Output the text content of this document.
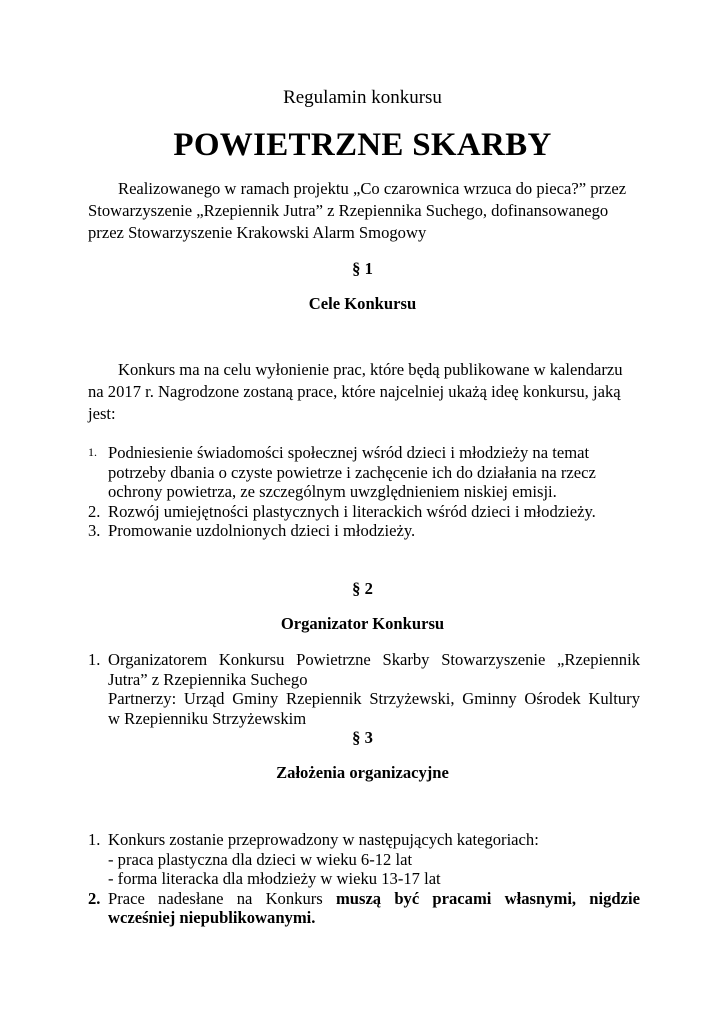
Regulamin konkursu

POWIETRZNE SKARBY
Realizowanego w ramach projektu „Co czarownica wrzuca do pieca?” przez
Stowarzyszenie „Rzepiennik Jutra” z Rzepiennika Suchego, dofinansowanego
przez Stowarzyszenie Krakowski Alarm Smogowy

§ 1

Cele Konkursu

Konkurs ma na celu wyłonienie prac, które będą publikowane w kalendarzu
na 2017 r. Nagrodzone zostaną prace, które najcelniej ukażą ideę konkursu, jaką
jest:
1. Podniesienie świadomości społecznej wśród dzieci i młodzieży na temat
potrzeby dbania o czyste powietrze i zachęcenie ich do działania na rzecz
ochrony powietrza, ze szczególnym uwzględnieniem niskiej emisji.
2. Rozwój umiejętności plastycznych i literackich wśród dzieci i młodzieży.
3. Promowanie uzdolnionych dzieci i młodzieży.

§ 2

Organizator Konkursu

1. Organizatorem Konkursu Powietrzne Skarby Stowarzyszenie „Rzepiennik
Jutra” z Rzepiennika Suchego
Partnerzy: Urząd Gminy Rzepiennik Strzyżewski, Gminny Ośrodek Kultury
w Rzepienniku Strzyżewskim

§ 3

Założenia organizacyjne

1. Konkurs zostanie przeprowadzony w następujących kategoriach:
- praca plastyczna dla dzieci w wieku 6-12 lat
- forma literacka dla młodzieży w wieku 13-17 lat
2. Prace nadesłane na Konkurs muszą być pracami własnymi, nigdzie
wcześniej niepublikowanymi.
